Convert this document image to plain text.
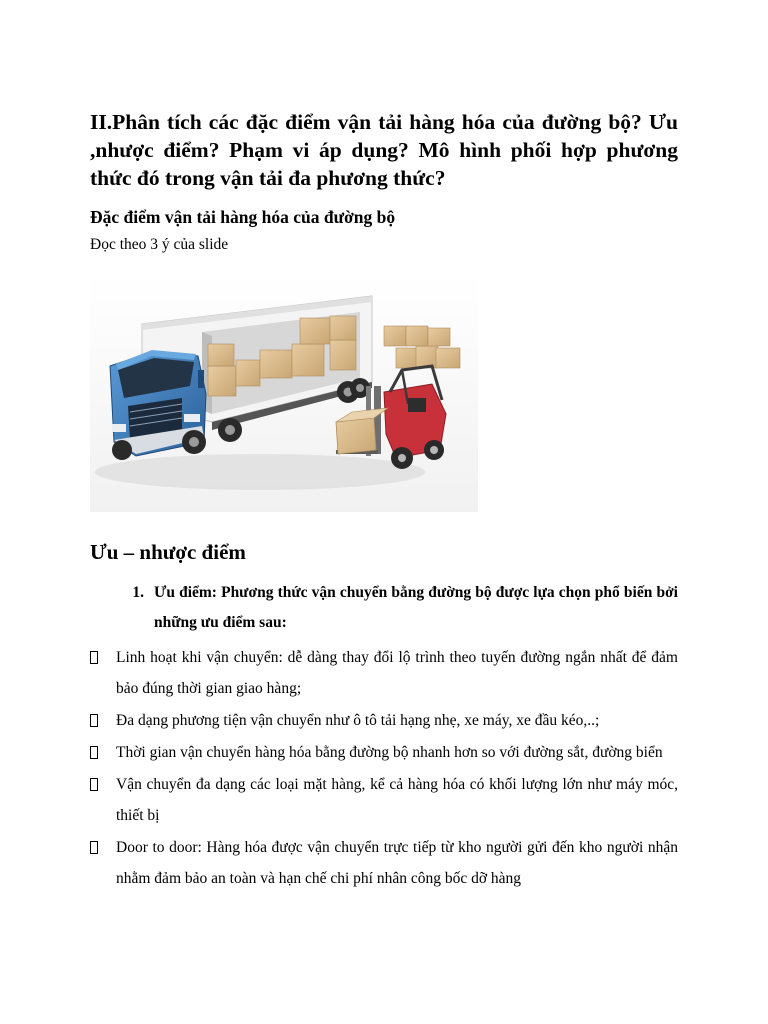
II.Phân tích các đặc điểm vận tải hàng hóa của đường bộ? Ưu ,nhược điểm? Phạm vi áp dụng? Mô hình phối hợp phương thức đó trong vận tải đa phương thức?
Đặc điểm vận tải hàng hóa của đường bộ

Đọc theo 3 ý của slide

Ưu – nhược điểm
1. Ưu điểm: Phương thức vận chuyển bằng đường bộ được lựa chọn phổ biến bởi những ưu điểm sau:
Linh hoạt khi vận chuyển: dễ dàng thay đổi lộ trình theo tuyến đường ngắn nhất để đảm bảo đúng thời gian giao hàng;
Đa dạng phương tiện vận chuyển như ô tô tải hạng nhẹ, xe máy, xe đầu kéo,..;
Thời gian vận chuyển hàng hóa bằng đường bộ nhanh hơn so với đường sắt, đường biển
Vận chuyển đa dạng các loại mặt hàng, kể cả hàng hóa có khối lượng lớn như máy móc, thiết bị
Door to door: Hàng hóa được vận chuyển trực tiếp từ kho người gửi đến kho người nhận nhằm đảm bảo an toàn và hạn chế chi phí nhân công bốc dỡ hàng
